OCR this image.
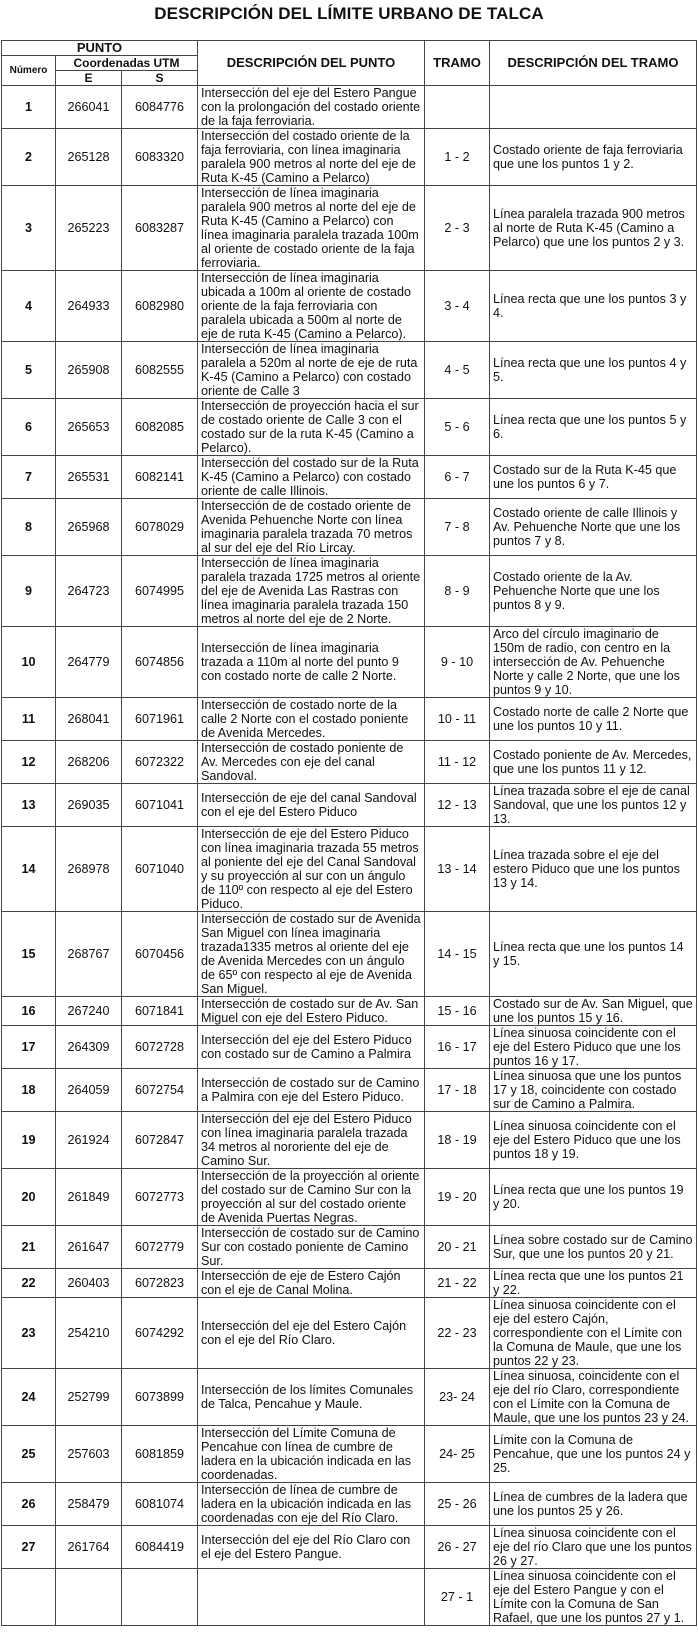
DESCRIPCIÓN DEL LÍMITE URBANO DE TALCA
PUNTO			DESCRIPCIÓN DEL PUNTO	TRAMO	DESCRIPCIÓN DEL TRAMO
Número	Coordenadas UTM				
	E	S			
1	266041	6084776	Intersección del eje del Estero Pangue con la prolongación del costado oriente de la faja ferroviaria.		
2	265128	6083320	Intersección del costado oriente de la faja ferroviaria, con línea imaginaria paralela 900 metros al norte del eje de Ruta K-45 (Camino a Pelarco)	1 - 2	Costado oriente de faja ferroviaria que une los puntos 1 y 2.
3	265223	6083287	Intersección de línea imaginaria paralela 900 metros al norte del eje de Ruta K-45 (Camino a Pelarco) con línea imaginaria paralela trazada 100m al oriente de costado oriente de la faja ferroviaria.	2 - 3	Línea paralela trazada 900 metros al norte de Ruta K-45 (Camino a Pelarco) que une los puntos 2 y 3.
4	264933	6082980	Intersección de línea imaginaria ubicada a 100m al oriente de costado oriente de la faja ferroviaria con paralela ubicada a 500m al norte de eje de ruta K-45 (Camino a Pelarco).	3 - 4	Línea recta que une los puntos 3 y 4.
5	265908	6082555	Intersección de línea imaginaria paralela a 520m al norte de eje de ruta K-45 (Camino a Pelarco) con costado oriente de Calle 3	4 - 5	Línea recta que une los puntos 4 y 5.
6	265653	6082085	Intersección de proyección hacia el sur de costado oriente de Calle 3 con el costado sur de la ruta K-45 (Camino a Pelarco).	5 - 6	Línea recta que une los puntos 5 y 6.
7	265531	6082141	Intersección del costado sur de la Ruta K-45 (Camino a Pelarco) con costado oriente de calle Illinois.	6 - 7	Costado sur de la Ruta K-45 que une los puntos 6 y 7.
8	265968	6078029	Intersección de de costado oriente de Avenida Pehuenche Norte con línea imaginaria paralela trazada 70 metros al sur del eje del Río Lircay.	7 - 8	Costado oriente de calle Illinois y Av. Pehuenche Norte que une los puntos 7 y 8.
9	264723	6074995	Intersección de línea imaginaria paralela trazada 1725 metros al oriente del eje de Avenida Las Rastras con línea imaginaria paralela trazada 150 metros al norte del eje de 2 Norte.	8 - 9	Costado oriente de la Av. Pehuenche Norte que une los puntos 8 y 9.
10	264779	6074856	Intersección de línea imaginaria trazada a 110m al norte del punto 9 con costado norte de calle 2 Norte.	9 - 10	Arco del círculo imaginario de 150m de radio, con centro en la intersección de Av. Pehuenche Norte y calle 2 Norte, que une los puntos 9 y 10.
11	268041	6071961	Intersección de costado norte de la calle 2 Norte con el costado poniente de Avenida Mercedes.	10 - 11	Costado norte de calle 2 Norte que une los puntos 10 y 11.
12	268206	6072322	Intersección de costado poniente de Av. Mercedes con eje del canal Sandoval.	11 - 12	Costado poniente de Av. Mercedes, que une los puntos 11 y 12.
13	269035	6071041	Intersección de eje del canal Sandoval con el eje del Estero Piduco	12 - 13	Línea trazada sobre el eje de canal Sandoval, que une los puntos 12 y 13.
14	268978	6071040	Intersección de eje del Estero Piduco con línea imaginaria trazada 55 metros al poniente del eje del Canal Sandoval y su proyección al sur con un ángulo de 110º con respecto al eje del Estero Piduco.	13 - 14	Línea trazada sobre el eje del estero Piduco que une los puntos 13 y 14.
15	268767	6070456	Intersección de costado sur de Avenida San Miguel con línea imaginaria trazada1335 metros al oriente del eje de Avenida Mercedes con un ángulo de 65º con respecto al eje de Avenida San Miguel.	14 - 15	Línea recta que une los puntos 14 y 15.
16	267240	6071841	Intersección de costado sur de Av. San Miguel con eje del Estero Piduco.	15 - 16	Costado sur de Av. San Miguel, que une los puntos 15 y 16.
17	264309	6072728	Intersección del eje del Estero Piduco con costado sur de Camino a Palmira	16 - 17	Línea sinuosa coincidente con el eje del Estero Piduco que une los puntos 16 y 17.
18	264059	6072754	Intersección de costado sur de Camino a Palmira con eje del Estero Piduco.	17 - 18	Línea sinuosa que une los puntos 17 y 18, coincidente con costado sur de Camino a Palmira.
19	261924	6072847	Intersección del eje del Estero Piduco con línea imaginaria paralela trazada 34 metros al nororiente del eje de Camino Sur.	18 - 19	Línea sinuosa coincidente con el eje del Estero Piduco que une los puntos 18 y 19.
20	261849	6072773	Intersección de la proyección al oriente del costado sur de Camino Sur con la proyección al sur del costado oriente de Avenida Puertas Negras.	19 - 20	Línea recta que une los puntos 19 y 20.
21	261647	6072779	Intersección de costado sur de Camino Sur con costado poniente de Camino Sur.	20 - 21	Línea sobre costado sur de Camino Sur, que une los puntos 20 y 21.
22	260403	6072823	Intersección de eje de Estero Cajón con el eje de Canal Molina.	21 - 22	Línea recta que une los puntos 21 y 22.
23	254210	6074292	Intersección del eje del Estero Cajón con el eje del Río Claro.	22 - 23	Línea sinuosa coincidente con el eje del estero Cajón, correspondiente con el Límite con la Comuna de Maule, que une los puntos 22 y 23.
24	252799	6073899	Intersección de los límites Comunales de Talca, Pencahue y Maule.	23- 24	Línea sinuosa, coincidente con el eje del río Claro, correspondiente con el Límite con la Comuna de Maule, que une los puntos 23 y 24.
25	257603	6081859	Intersección del Límite Comuna de Pencahue con línea de cumbre de ladera en la ubicación indicada en las coordenadas.	24- 25	Límite con la Comuna de Pencahue, que une los puntos 24 y 25.
26	258479	6081074	Intersección de línea de cumbre de ladera en la ubicación indicada en las coordenadas con eje del Río Claro.	25 - 26	Línea de cumbres de la ladera que une los puntos 25 y 26.
27	261764	6084419	Intersección del eje del Río Claro con el eje del Estero Pangue.	26 - 27	Línea sinuosa coincidente con el eje del río Claro que une los puntos 26 y 27.
				27 - 1	Línea sinuosa coincidente con el eje del Estero Pangue y con el Límite con la Comuna de San Rafael, que une los puntos 27 y 1.
